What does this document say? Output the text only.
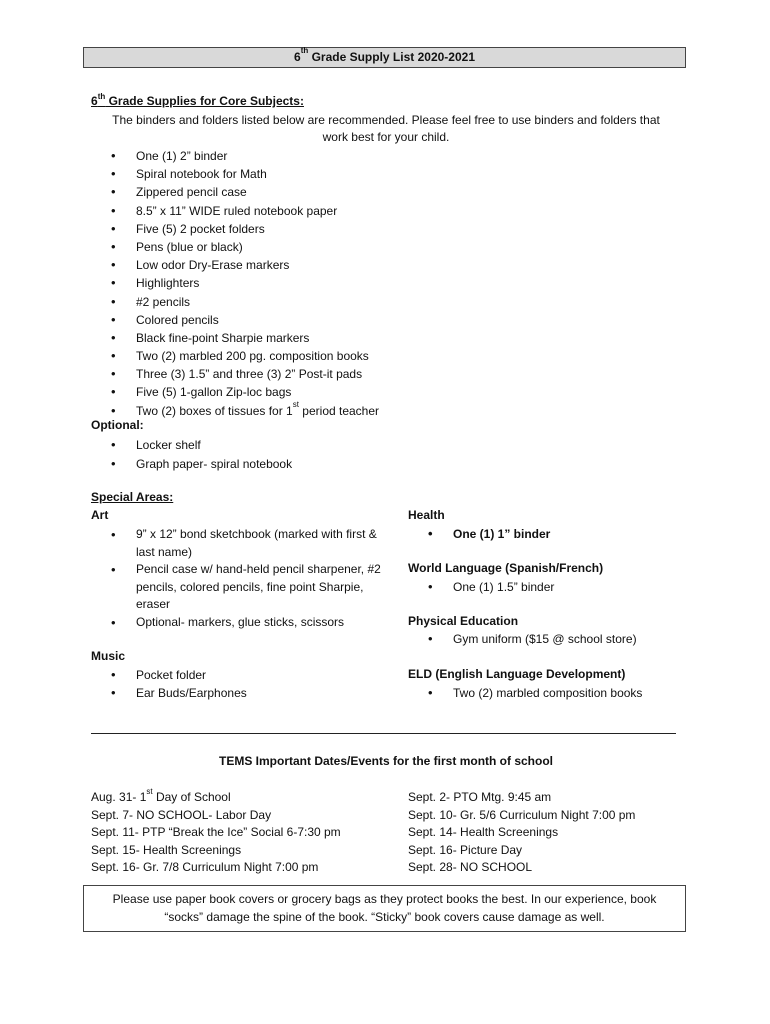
6th Grade Supply List 2020-2021
6th Grade Supplies for Core Subjects:
The binders and folders listed below are recommended. Please feel free to use binders and folders that
work best for your child.
• One (1) 2” binder
• Spiral notebook for Math
• Zippered pencil case
• 8.5” x 11” WIDE ruled notebook paper
• Five (5) 2 pocket folders
• Pens (blue or black)
• Low odor Dry-Erase markers
• Highlighters
• #2 pencils
• Colored pencils
• Black fine-point Sharpie markers
• Two (2) marbled 200 pg. composition books
• Three (3) 1.5” and three (3) 2” Post-it pads
• Five (5) 1-gallon Zip-loc bags
• Two (2) boxes of tissues for 1st period teacher
Optional:
• Locker shelf
• Graph paper- spiral notebook
Special Areas:
Art
• 9” x 12” bond sketchbook (marked with first & last name)
• Pencil case w/ hand-held pencil sharpener, #2 pencils, colored pencils, fine point Sharpie, eraser
• Optional- markers, glue sticks, scissors
Music
• Pocket folder
• Ear Buds/Earphones
Health
• One (1) 1” binder
World Language (Spanish/French)
• One (1) 1.5” binder
Physical Education
• Gym uniform ($15 @ school store)
ELD (English Language Development)
• Two (2) marbled composition books
TEMS Important Dates/Events for the first month of school
Aug. 31- 1st Day of School
Sept. 7- NO SCHOOL- Labor Day
Sept. 11- PTP “Break the Ice” Social 6-7:30 pm
Sept. 15- Health Screenings
Sept. 16- Gr. 7/8 Curriculum Night 7:00 pm
Sept. 2- PTO Mtg. 9:45 am
Sept. 10- Gr. 5/6 Curriculum Night 7:00 pm
Sept. 14- Health Screenings
Sept. 16- Picture Day
Sept. 28- NO SCHOOL
Please use paper book covers or grocery bags as they protect books the best. In our experience, book
“socks” damage the spine of the book. “Sticky” book covers cause damage as well.
